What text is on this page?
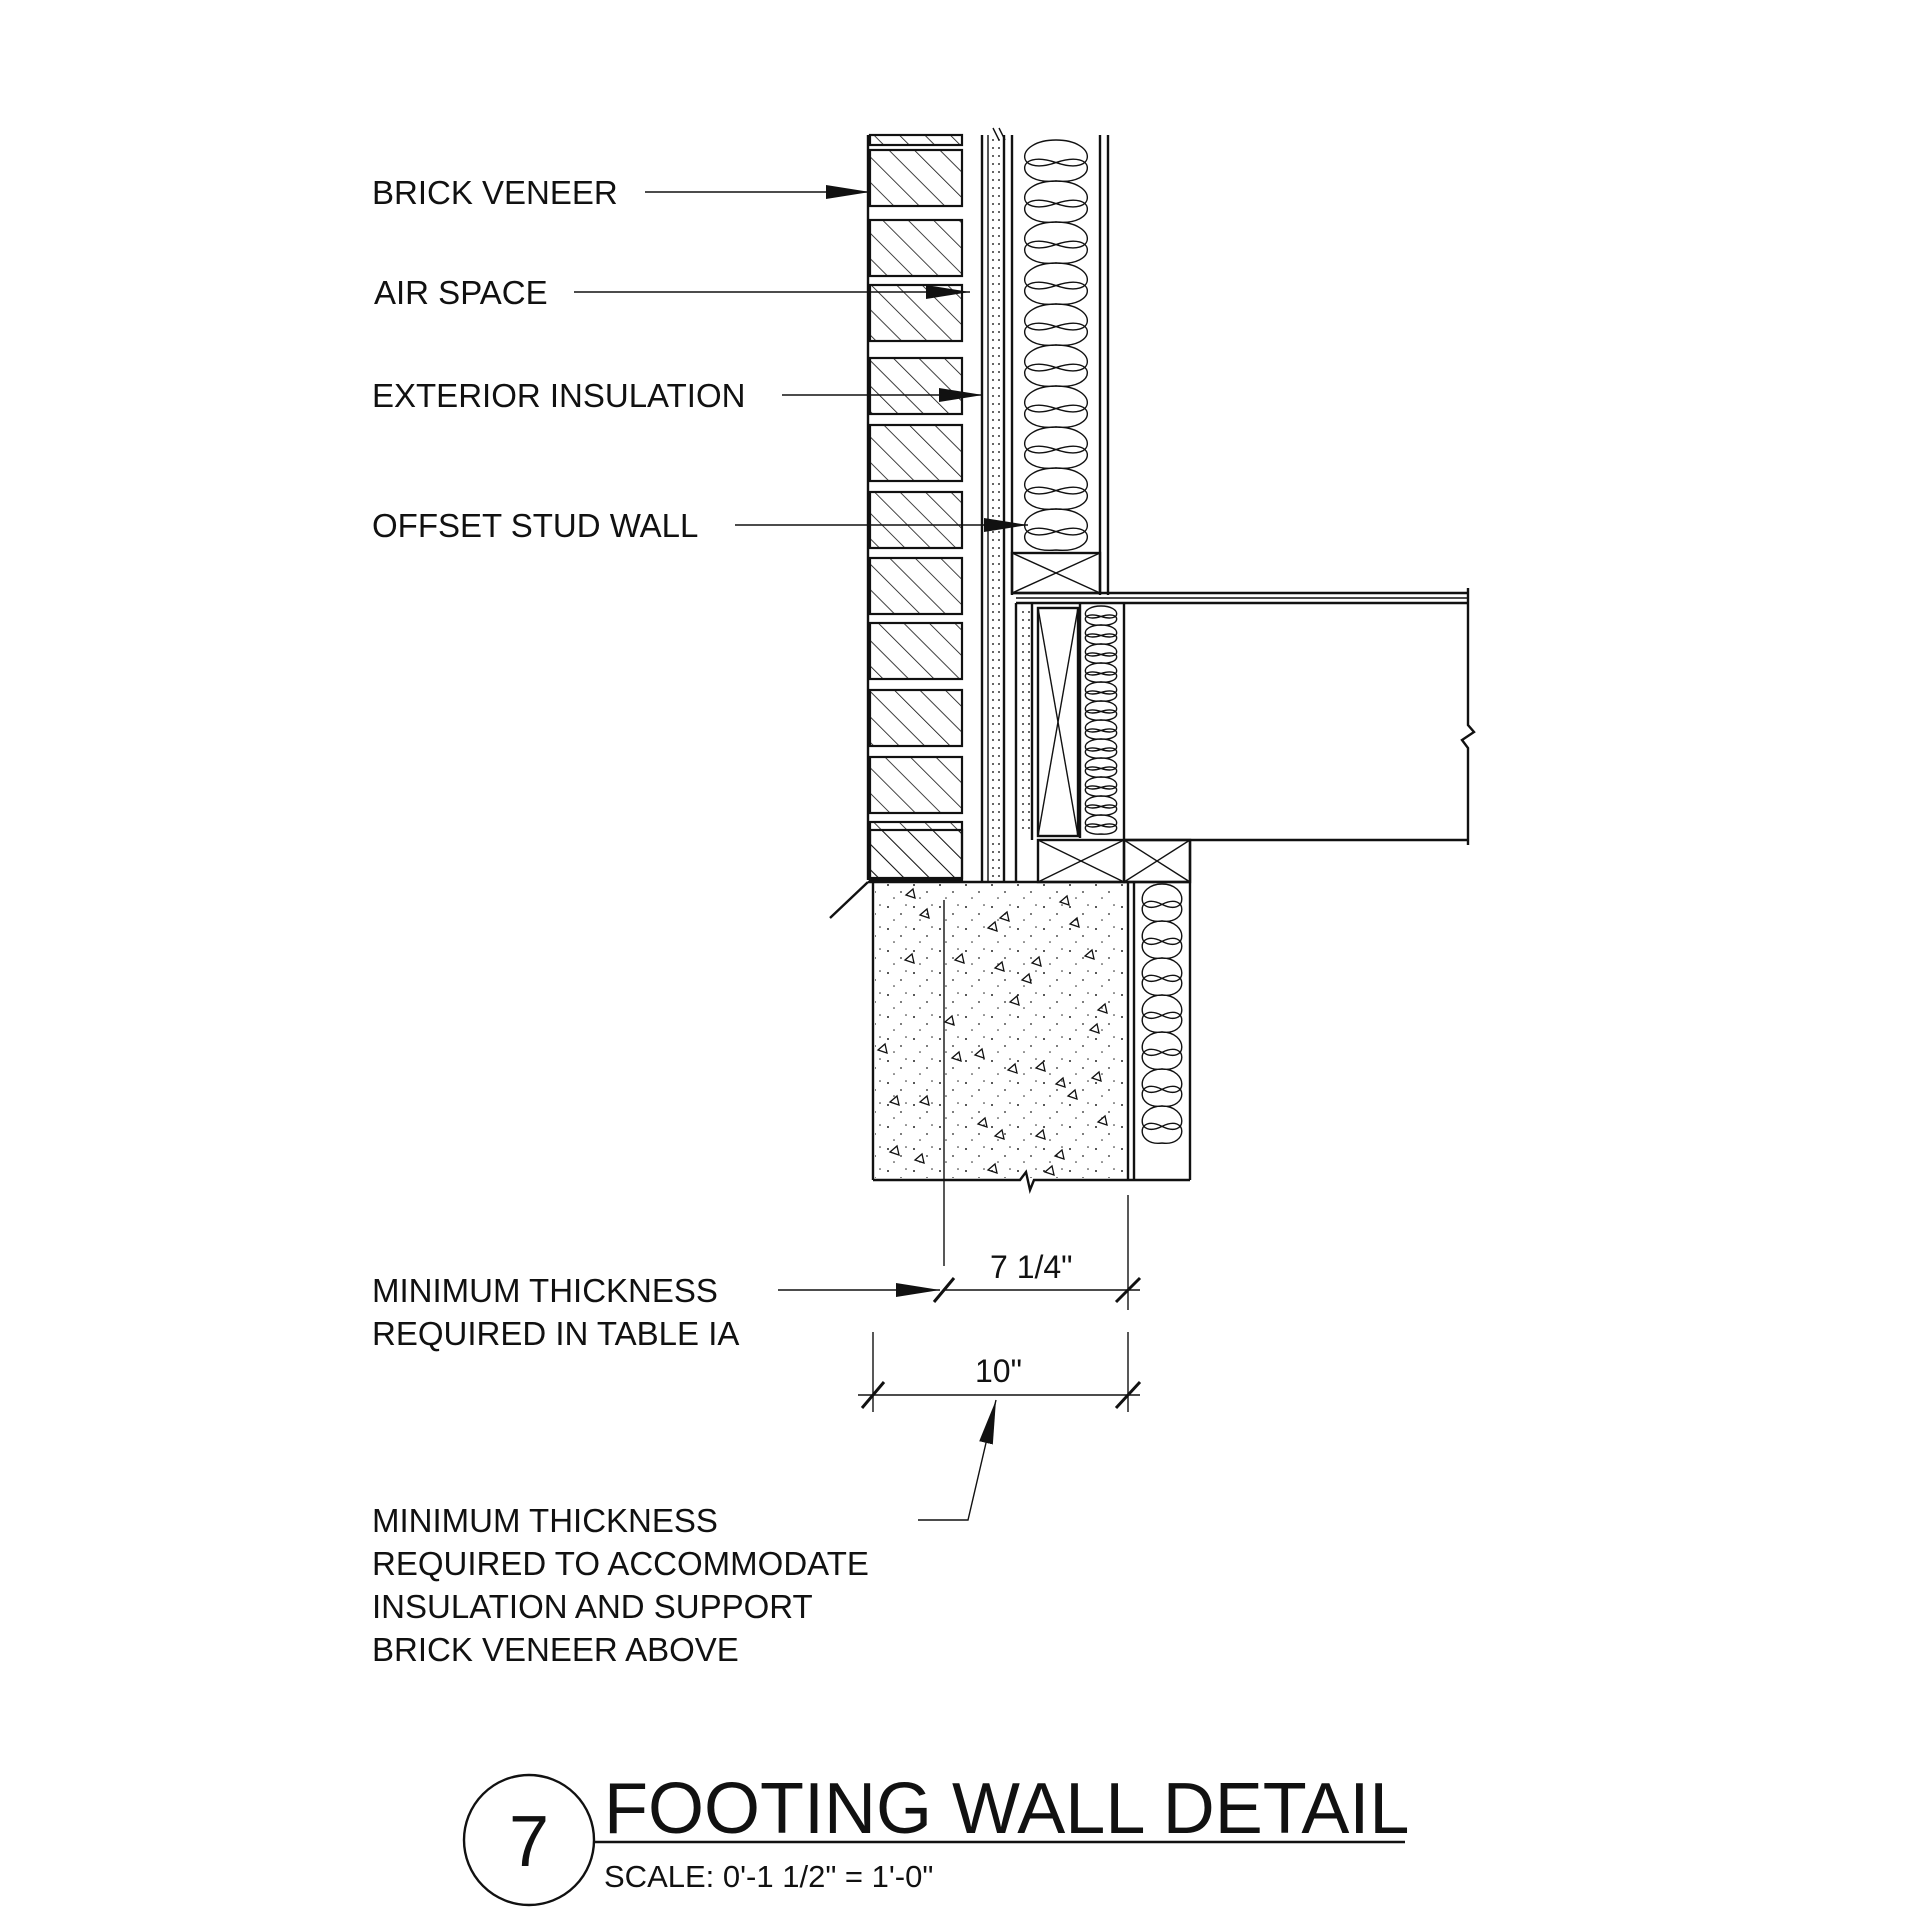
BRICK VENEER
AIR SPACE
EXTERIOR INSULATION
OFFSET STUD WALL
MINIMUM THICKNESS
REQUIRED IN TABLE IA
MINIMUM THICKNESS
REQUIRED TO ACCOMMODATE
INSULATION AND SUPPORT
BRICK VENEER ABOVE
7 1/4"
10"
7 FOOTING WALL DETAIL
SCALE: 0'-1 1/2" = 1'-0"
